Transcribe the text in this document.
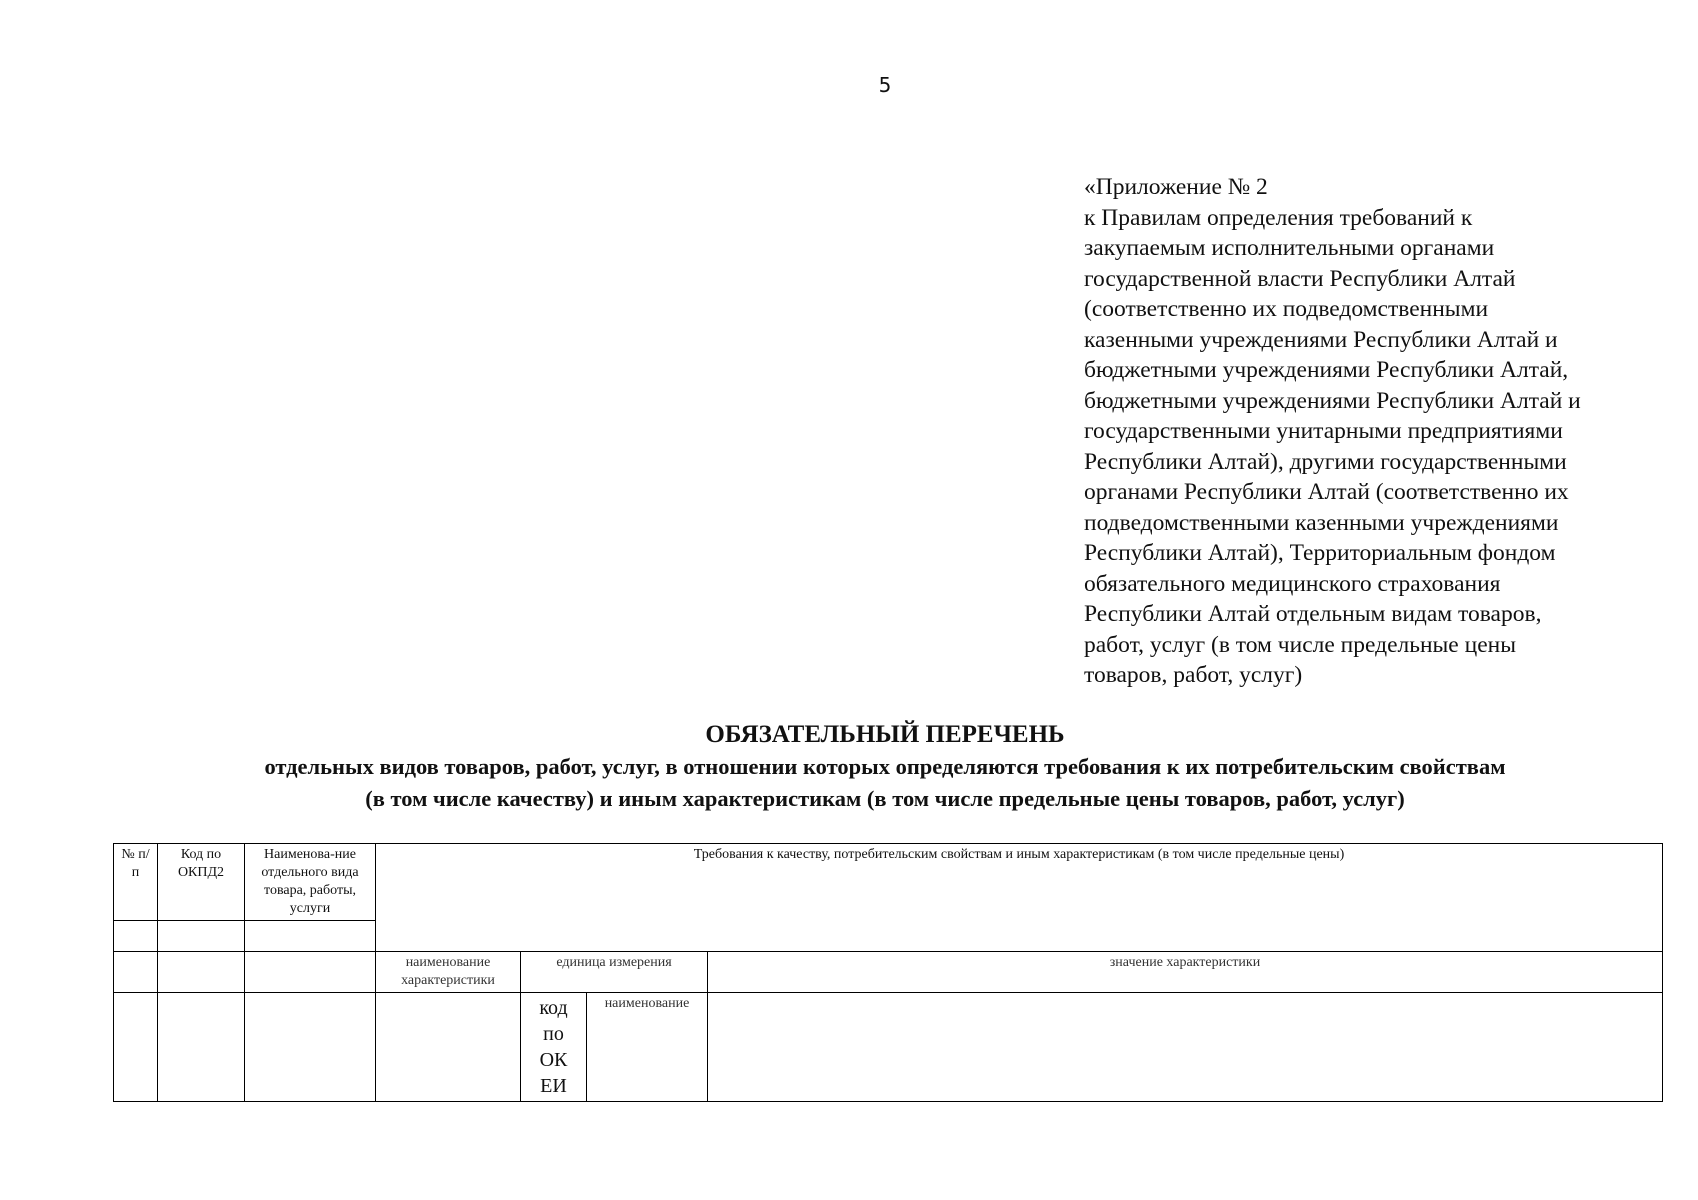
5
«Приложение № 2
к Правилам определения требований к
закупаемым исполнительными органами
государственной власти Республики Алтай
(соответственно их подведомственными
казенными учреждениями Республики Алтай и
бюджетными учреждениями Республики Алтай,
бюджетными учреждениями Республики Алтай и
государственными унитарными предприятиями
Республики Алтай), другими государственными
органами Республики Алтай (соответственно их
подведомственными казенными учреждениями
Республики Алтай), Территориальным фондом
обязательного медицинского страхования
Республики Алтай отдельным видам товаров,
работ, услуг (в том числе предельные цены
товаров, работ, услуг)
ОБЯЗАТЕЛЬНЫЙ ПЕРЕЧЕНЬ
отдельных видов товаров, работ, услуг, в отношении которых определяются требования к их потребительским свойствам
(в том числе качеству) и иным характеристикам (в том числе предельные цены товаров, работ, услуг)
№ п/ п	Код по ОКПД2	Наименова-ние отдельного вида товара, работы, услуги	Требования к качеству, потребительским свойствам и иным характеристикам (в том числе предельные цены)			

			наименование характеристики	единица измерения		значение характеристики

				код
по
ОК
ЕИ	наименование	
